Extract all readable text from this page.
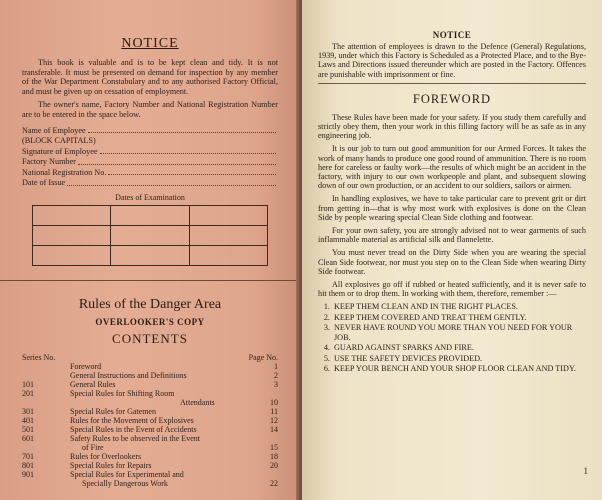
NOTICE

This book is valuable and is to be kept clean and tidy. It is not transferable. It must be presented on demand for inspection by any member of the War Department Constabulary and to any authorised Factory Official, and must be given up on cessation of employment.

The owner's name, Factory Number and National Registration Number are to be entered in the space below.

Name of Employee
(BLOCK CAPITALS)
Signature of Employee
Factory Number
National Registration No.
Date of Issue
Dates of Examination

Rules of the Danger Area
OVERLOOKER'S COPY
CONTENTS
Series No.	Page No.
Foreword	1
General Instructions and Definitions	2
101	General Rules	3
201	Special Rules for Shifting Room
Attendants	10
301	Special Rules for Gatemen	11
401	Rules for the Movement of Explosives	12
501	Special Rules in the Event of Accidents	14
601	Safety Rules to be observed in the Event
of Fire	15
701	Rules for Overlookers	18
801	Special Rules for Repairs	20
901	Special Rules for Experimental and
Specially Dangerous Work	22
NOTICE

The attention of employees is drawn to the Defence (General) Regulations, 1939, under which this Factory is Scheduled as a Protected Place, and to the Bye-Laws and Directions issued thereunder which are posted in the Factory. Offences are punishable with imprisonment or fine.

FOREWORD

These Rules have been made for your safety. If you study them carefully and strictly obey them, then your work in this filling factory will be as safe as in any engineering job.

It is our job to turn out good ammunition for our Armed Forces. It takes the work of many hands to produce one good round of ammunition. There is no room here for careless or faulty work—the results of which might be an accident in the factory, with injury to our own workpeople and plant, and subsequent slowing down of our own production, or an accident to our soldiers, sailors or airmen.

In handling explosives, we have to take particular care to prevent grit or dirt from getting in—that is why most work with explosives is done on the Clean Side by people wearing special Clean Side clothing and footwear.

For your own safety, you are strongly advised not to wear garments of such inflammable material as artificial silk and flannelette.

You must never tread on the Dirty Side when you are wearing the special Clean Side footwear, nor must you step on to the Clean Side when wearing Dirty Side footwear.

All explosives go off if rubbed or heated sufficiently, and it is never safe to hit them or to drop them. In working with them, therefore, remember :—

1. KEEP THEM CLEAN AND IN THE RIGHT PLACES.
2. KEEP THEM COVERED AND TREAT THEM GENTLY.
3. NEVER HAVE ROUND YOU MORE THAN YOU NEED FOR YOUR JOB.
4. GUARD AGAINST SPARKS AND FIRE.
5. USE THE SAFETY DEVICES PROVIDED.
6. KEEP YOUR BENCH AND YOUR SHOP FLOOR CLEAN AND TIDY.
1
